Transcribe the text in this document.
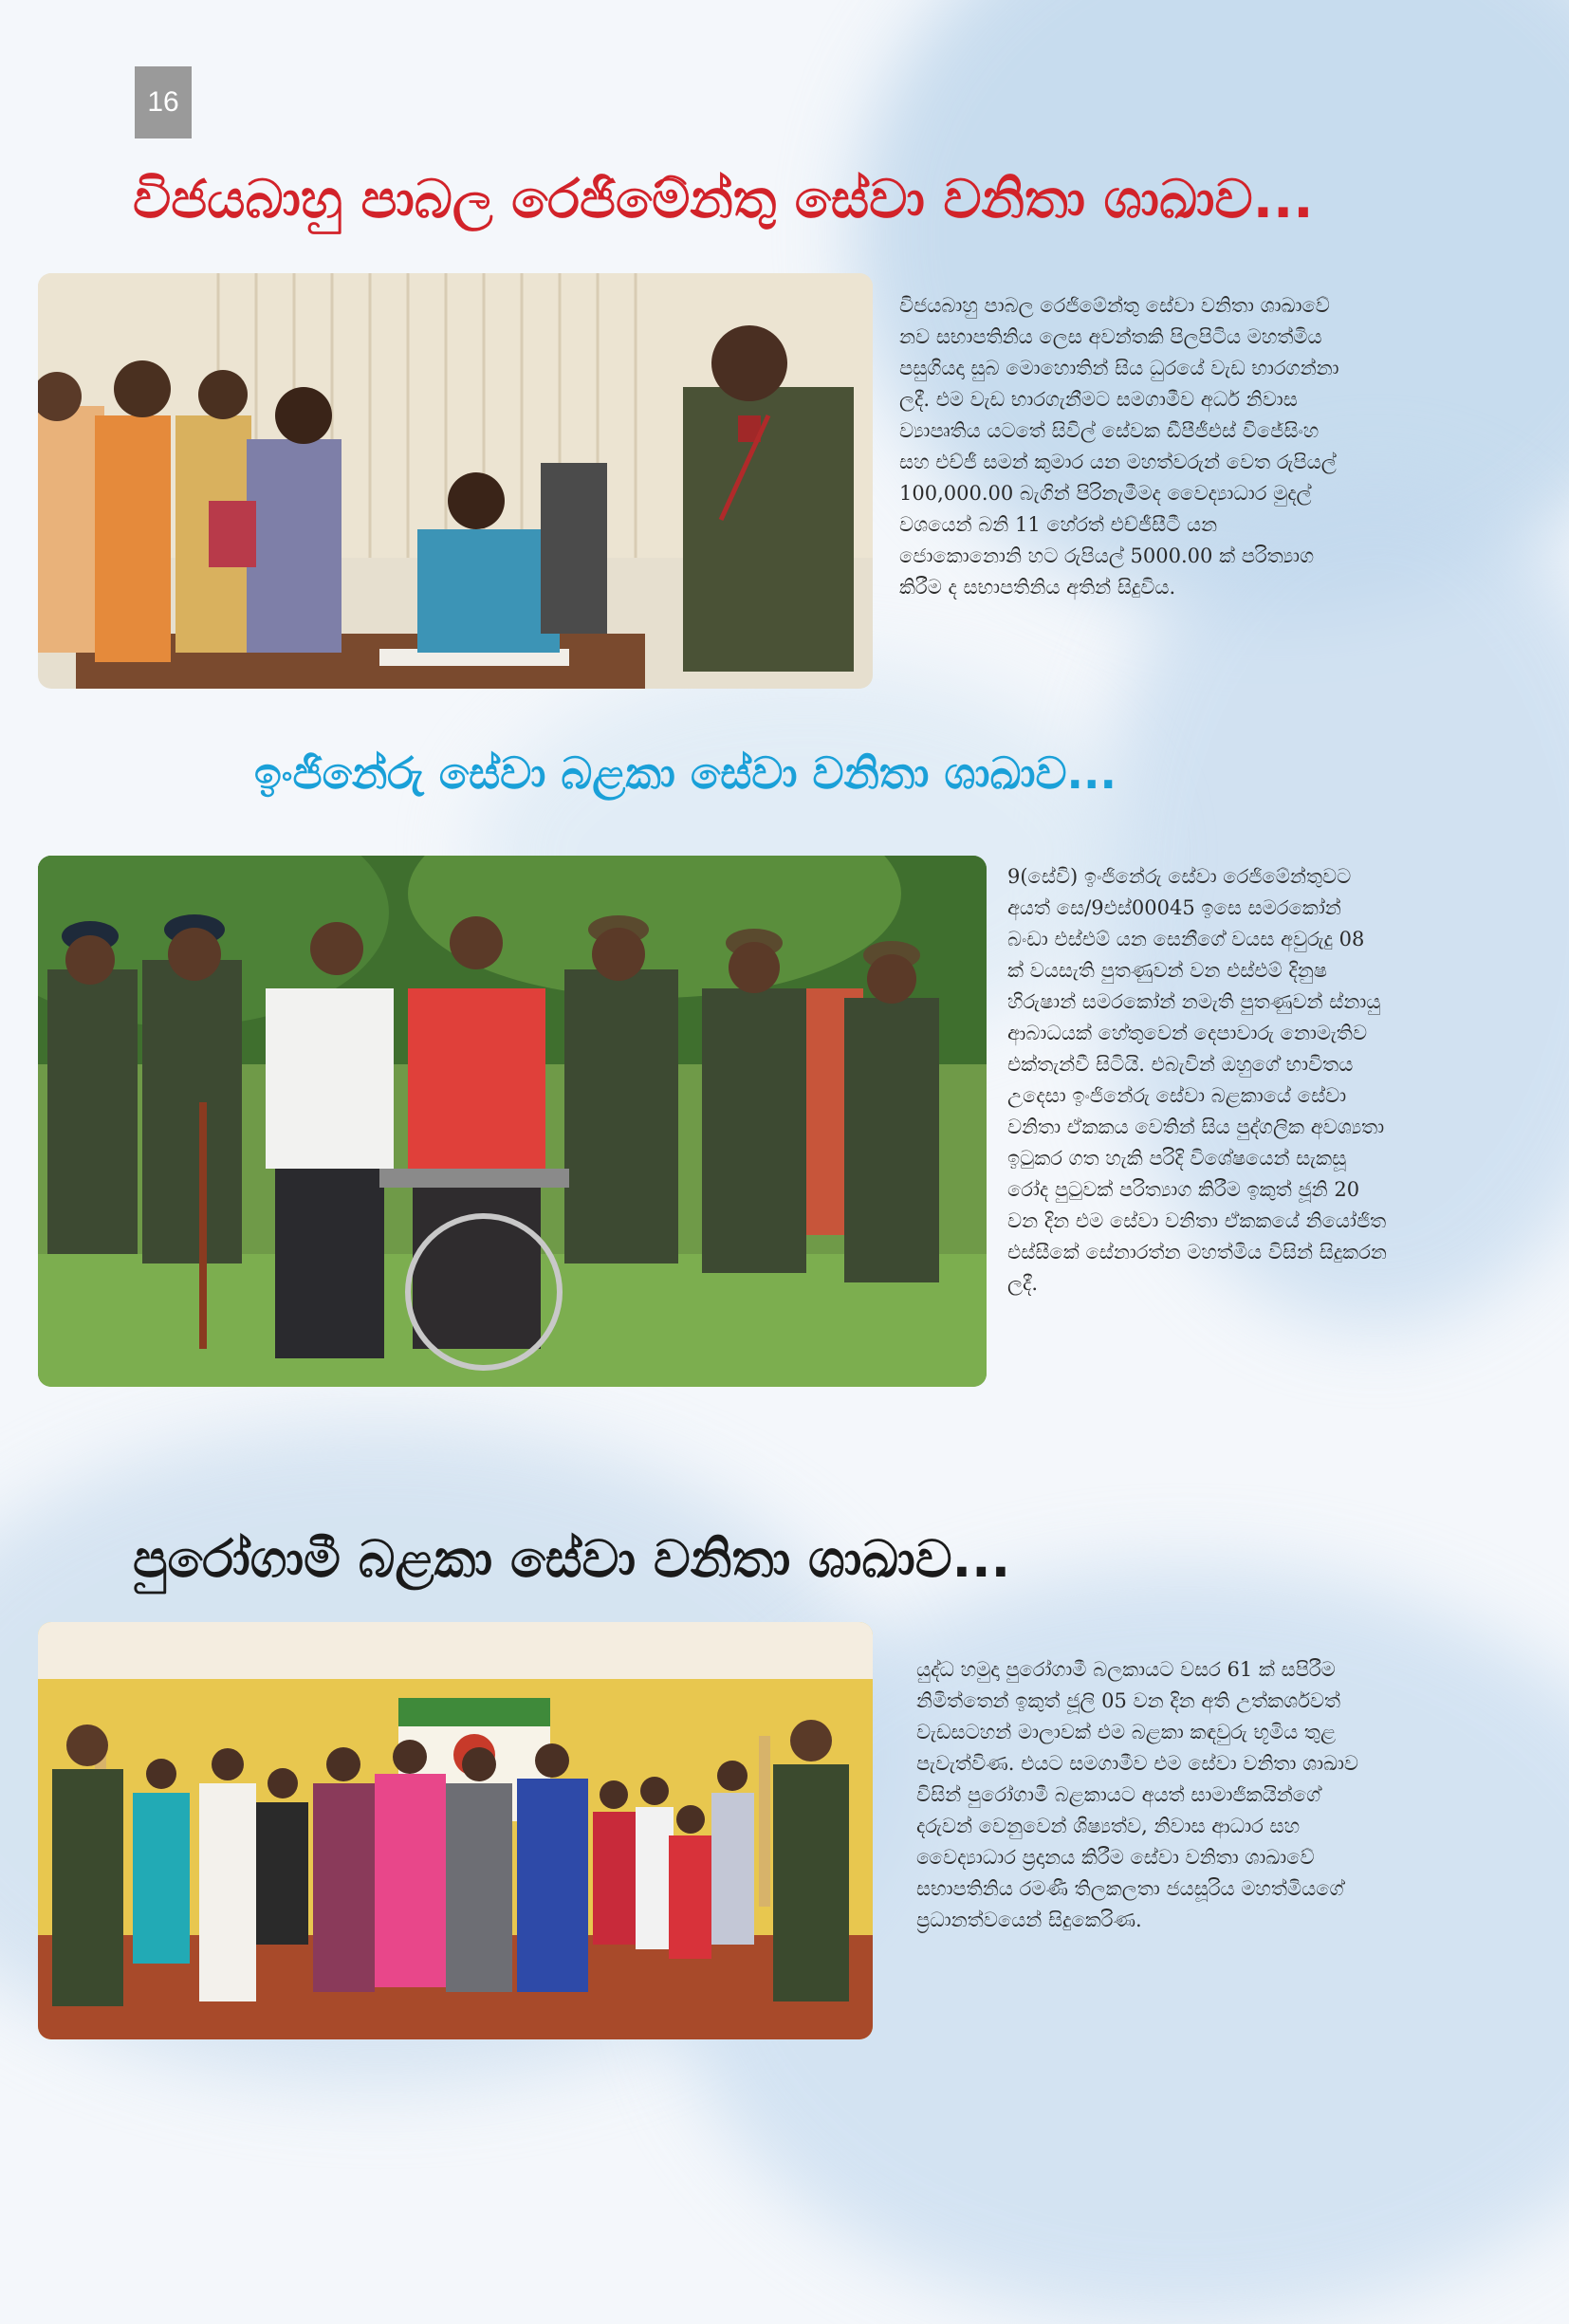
16
විජයබාහු පාබල රෙජිමේන්තු සේවා වනිතා ශාඛාව...

විජයබාහු පාබල රෙජිමේන්තු සේවා වනිතා ශාඛාවේ නව සභාපතිනිය ලෙස අවන්තකි පිලපිටිය මහත්මිය පසුගියදා සුබ මොහොතින් සිය ධුරයේ වැඩ භාරගන්නා ලදී. එම වැඩ භාරගැනීමට සමගාමීව අර්ධ නිවාස ව්‍යාපෘතිය යටතේ සිවිල් සේවක ඩීපීජීඑස් විජේසිංහ සහ එච්ජී සමන් කුමාර යන මහත්වරුන් වෙත රුපියල් 100,000.00 බැගින් පිරිනැමීමද වෛද්‍යාධාර මුදල් වශයෙන් බනි 11 හේරත් එච්ජීසීටී යන ජොකොනොනි හට රුපියල් 5000.00 ක් පරිත්‍යාග කිරීම ද සභාපතිනිය අතින් සිදුවිය.

ඉංජිනේරු සේවා බළකා සේවා වනිතා ශාඛාව...

9(සේවි) ඉංජිනේරු සේවා රෙජිමේන්තුවට අයත් සෙ/9එස්00045 ඉසෙ සමරකෝන් බංඩා එස්එම් යන සෙනීගේ වයස අවුරුදු 08 ක් වයසැති පුතණුවන් වන එස්එම් දිනුෂ හිරුෂාන් සමරකෝන් නමැති පුතණුවන් ස්නායු ආබාධයක් හේතුවෙන් දෙපාවාරු නොමැතිව එක්තැන්වී සිටියි. එබැවින් ඔහුගේ භාවිතය උදෙසා ඉංජිනේරු සේවා බළකායේ සේවා වනිතා ඒකකය වෙතින් සිය පුද්ගලික අවශ්‍යතා ඉටුකර ගත හැකි පරිදි විශේෂයෙන් සැකසූ රෝද පුටුවක් පරිත්‍යාග කිරීම ඉකුත් ජූනි 20 වන දින එම සේවා වනිතා ඒකකයේ නියෝජිත එස්සීකේ සේනාරත්න මහත්මිය විසින් සිදුකරන ලදී.

පුරෝගාමී බළකා සේවා වනිතා ශාඛාව...

යුද්ධ හමුදා පුරෝගාමී බලකායට වසර 61 ක් සපිරීම නිමිත්තෙන් ඉකුත් ජූලි 05 වන දින අති උත්කර්ශවත් වැඩසටහන් මාලාවක් එම බළකා කඳවුරු භූමිය තුළ පැවැත්විණ. එයට සමගාමීව එම සේවා වනිතා ශාඛාව විසින් පුරෝගාමී බළකායට අයත් සාමාජිකයින්ගේ දරුවන් වෙනුවෙන් ශිෂ්‍යත්ව, නිවාස ආධාර සහ වෛද්‍යාධාර ප්‍රදානය කිරීම සේවා වනිතා ශාඛාවේ සභාපතිනිය රමණී තිලකලතා ජයසූරිය මහත්මියගේ ප්‍රධානත්වයෙන් සිදුකෙරිණ.
